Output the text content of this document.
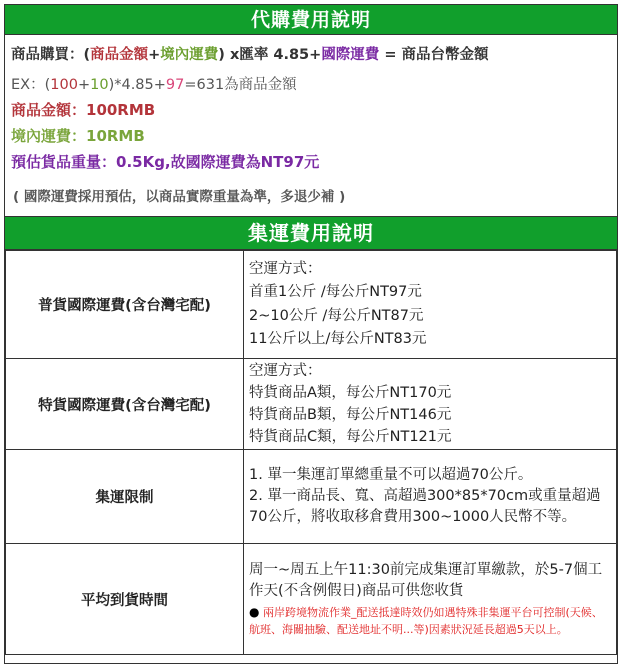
代購費用說明
商品購買：(商品金額+境內運費) x匯率 4.85+國際運費 = 商品台幣金額
EX：(100+10)*4.85+97=631為商品金額
商品金額：100RMB
境內運費：10RMB
預估貨品重量：0.5Kg,故國際運費為NT97元
( 國際運費採用預估，以商品實際重量為準，多退少補 )
集運費用說明
普貨國際運費(含台灣宅配)	空運方式：
首重1公斤 /每公斤NT97元
2~10公斤 /每公斤NT87元
11公斤以上/每公斤NT83元

特貨國際運費(含台灣宅配)	空運方式：
特貨商品A類，每公斤NT170元
特貨商品B類，每公斤NT146元
特貨商品C類，每公斤NT121元

集運限制	1. 單一集運訂單總重量不可以超過70公斤。
2. 單一商品長、寬、高超過300*85*70cm或重量超過70公斤，將收取移倉費用300~1000人民幣不等。

平均到貨時間	周一~周五上午11:30前完成集運訂單繳款，於5-7個工作天(不含例假日)商品可供您收貨
● 兩岸跨境物流作業_配送抵達時效仍如遇特殊非集運平台可控制(天候、航班、海關抽驗、配送地址不明...等)因素狀況延長超過5天以上。
